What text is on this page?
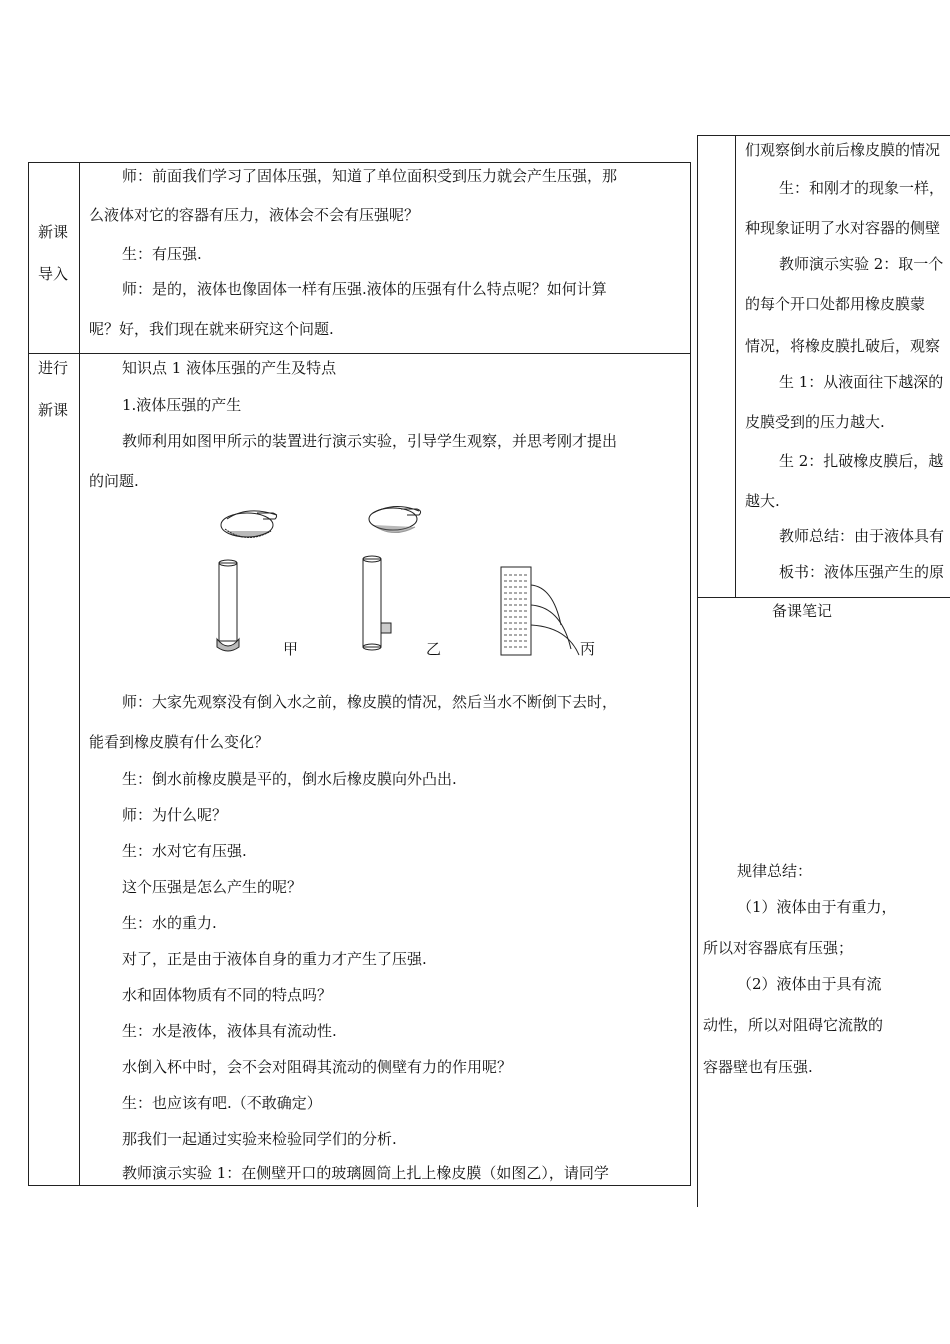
新课
导入
师：前面我们学习了固体压强，知道了单位面积受到压力就会产生压强，那
么液体对它的容器有压力，液体会不会有压强呢？
生：有压强.
师：是的，液体也像固体一样有压强.液体的压强有什么特点呢？如何计算
呢？好，我们现在就来研究这个问题.
进行
新课
知识点 1 液体压强的产生及特点
1.液体压强的产生
教师利用如图甲所示的装置进行演示实验，引导学生观察，并思考刚才提出
的问题.
甲	乙	丙
师：大家先观察没有倒入水之前，橡皮膜的情况，然后当水不断倒下去时，
能看到橡皮膜有什么变化？
生：倒水前橡皮膜是平的，倒水后橡皮膜向外凸出.
师：为什么呢？
生：水对它有压强.
这个压强是怎么产生的呢？
生：水的重力.
对了，正是由于液体自身的重力才产生了压强.
水和固体物质有不同的特点吗？
生：水是液体，液体具有流动性.
水倒入杯中时，会不会对阻碍其流动的侧壁有力的作用呢？
生：也应该有吧.（不敢确定）
那我们一起通过实验来检验同学们的分析.
教师演示实验 1：在侧壁开口的玻璃圆筒上扎上橡皮膜（如图乙），请同学
们观察倒水前后橡皮膜的情况
生：和刚才的现象一样，
种现象证明了水对容器的侧壁
教师演示实验 2：取一个
的每个开口处都用橡皮膜蒙
情况，将橡皮膜扎破后，观察
生 1：从液面往下越深的
皮膜受到的压力越大.
生 2：扎破橡皮膜后，越
越大.
教师总结：由于液体具有
板书：液体压强产生的原
备课笔记
规律总结：
（1）液体由于有重力，
所以对容器底有压强；
（2）液体由于具有流
动性，所以对阻碍它流散的
容器壁也有压强.
